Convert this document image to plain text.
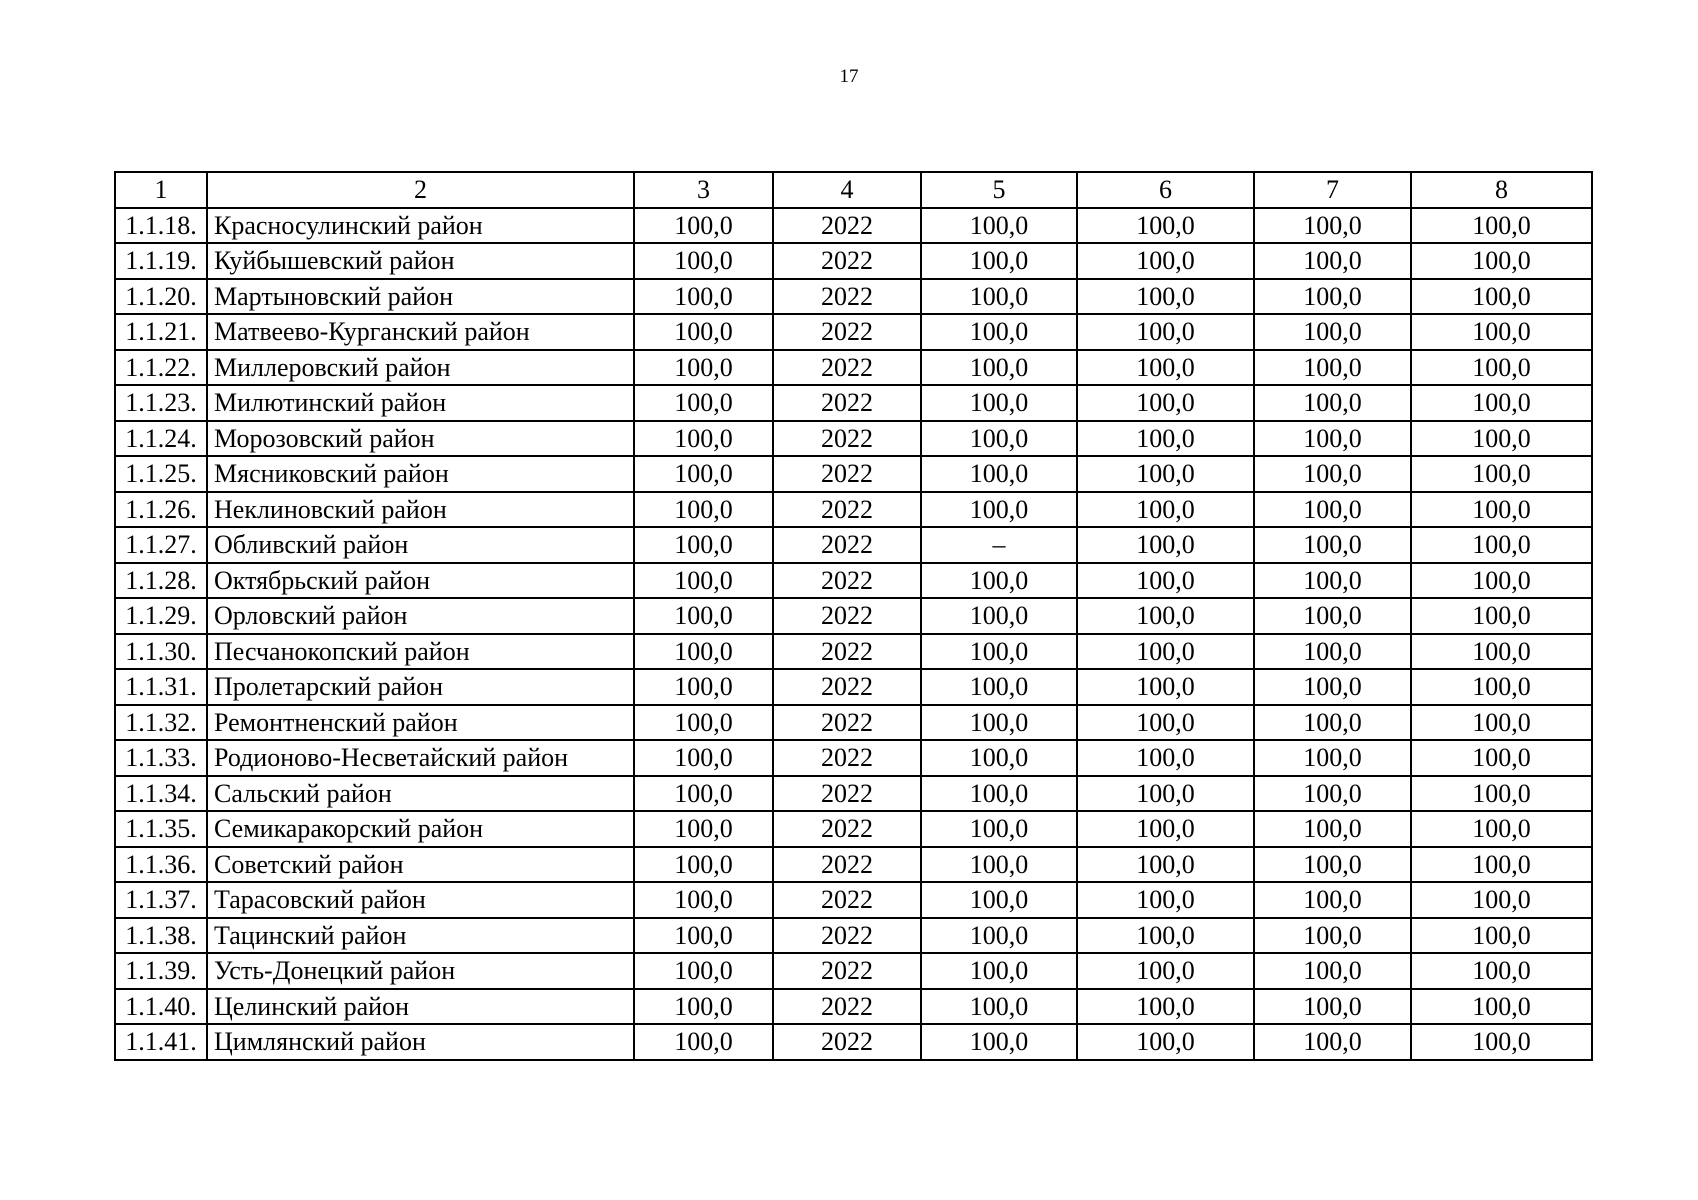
17
1	2	3	4	5	6	7	8
1.1.18.	Красносулинский район	100,0	2022	100,0	100,0	100,0	100,0
1.1.19.	Куйбышевский район	100,0	2022	100,0	100,0	100,0	100,0
1.1.20.	Мартыновский район	100,0	2022	100,0	100,0	100,0	100,0
1.1.21.	Матвеево-Курганский район	100,0	2022	100,0	100,0	100,0	100,0
1.1.22.	Миллеровский район	100,0	2022	100,0	100,0	100,0	100,0
1.1.23.	Милютинский район	100,0	2022	100,0	100,0	100,0	100,0
1.1.24.	Морозовский район	100,0	2022	100,0	100,0	100,0	100,0
1.1.25.	Мясниковский район	100,0	2022	100,0	100,0	100,0	100,0
1.1.26.	Неклиновский район	100,0	2022	100,0	100,0	100,0	100,0
1.1.27.	Обливский район	100,0	2022	–	100,0	100,0	100,0
1.1.28.	Октябрьский район	100,0	2022	100,0	100,0	100,0	100,0
1.1.29.	Орловский район	100,0	2022	100,0	100,0	100,0	100,0
1.1.30.	Песчанокопский район	100,0	2022	100,0	100,0	100,0	100,0
1.1.31.	Пролетарский район	100,0	2022	100,0	100,0	100,0	100,0
1.1.32.	Ремонтненский район	100,0	2022	100,0	100,0	100,0	100,0
1.1.33.	Родионово-Несветайский район	100,0	2022	100,0	100,0	100,0	100,0
1.1.34.	Сальский район	100,0	2022	100,0	100,0	100,0	100,0
1.1.35.	Семикаракорский район	100,0	2022	100,0	100,0	100,0	100,0
1.1.36.	Советский район	100,0	2022	100,0	100,0	100,0	100,0
1.1.37.	Тарасовский район	100,0	2022	100,0	100,0	100,0	100,0
1.1.38.	Тацинский район	100,0	2022	100,0	100,0	100,0	100,0
1.1.39.	Усть-Донецкий район	100,0	2022	100,0	100,0	100,0	100,0
1.1.40.	Целинский район	100,0	2022	100,0	100,0	100,0	100,0
1.1.41.	Цимлянский район	100,0	2022	100,0	100,0	100,0	100,0
